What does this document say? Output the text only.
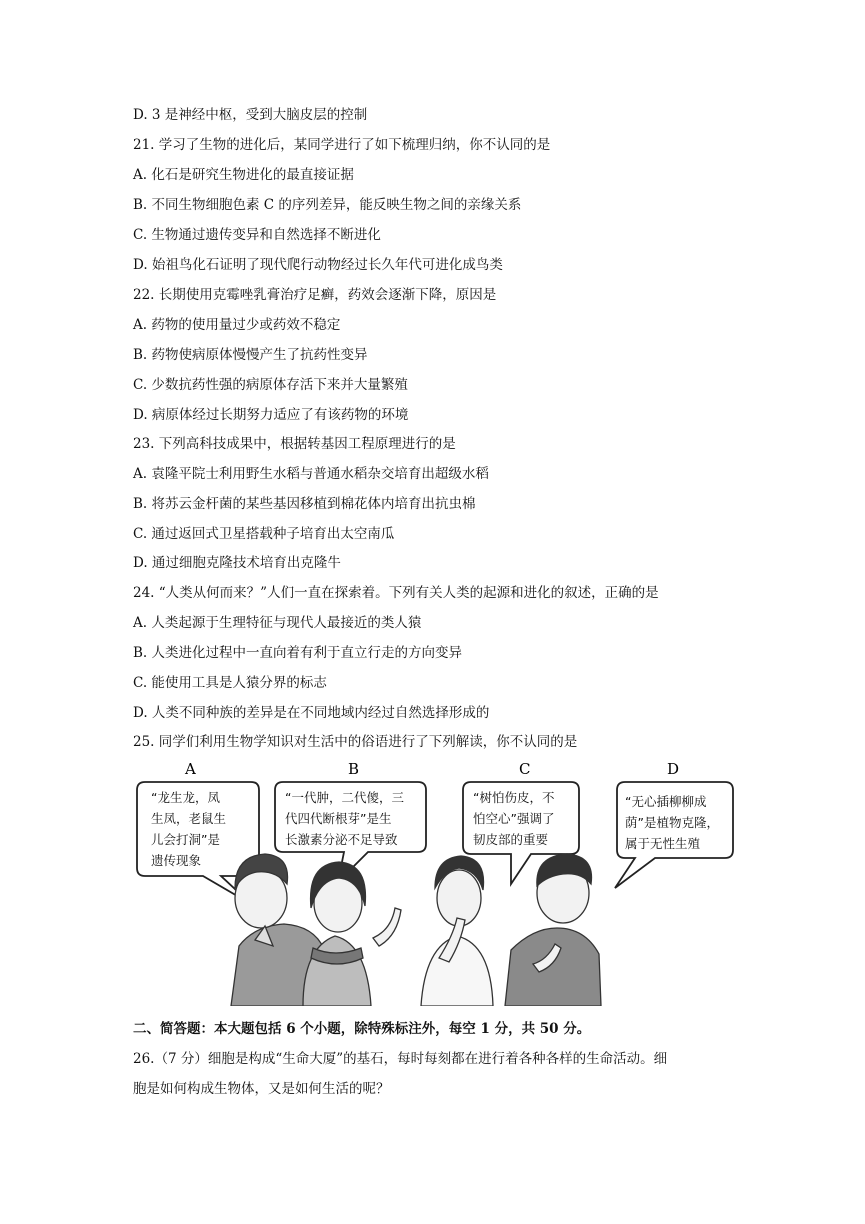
D. 3 是神经中枢，受到大脑皮层的控制
21. 学习了生物的进化后，某同学进行了如下梳理归纳，你不认同的是
A. 化石是研究生物进化的最直接证据
B. 不同生物细胞色素 C 的序列差异，能反映生物之间的亲缘关系
C. 生物通过遗传变异和自然选择不断进化
D. 始祖鸟化石证明了现代爬行动物经过长久年代可进化成鸟类
22. 长期使用克霉唑乳膏治疗足癣，药效会逐渐下降，原因是
A. 药物的使用量过少或药效不稳定
B. 药物使病原体慢慢产生了抗药性变异
C. 少数抗药性强的病原体存活下来并大量繁殖
D. 病原体经过长期努力适应了有该药物的环境
23. 下列高科技成果中，根据转基因工程原理进行的是
A. 袁隆平院士利用野生水稻与普通水稻杂交培育出超级水稻
B. 将苏云金杆菌的某些基因移植到棉花体内培育出抗虫棉
C. 通过返回式卫星搭载种子培育出太空南瓜
D. 通过细胞克隆技术培育出克隆牛
24. “人类从何而来？”人们一直在探索着。下列有关人类的起源和进化的叙述，正确的是
A. 人类起源于生理特征与现代人最接近的类人猿
B. 人类进化过程中一直向着有利于直立行走的方向变异
C. 能使用工具是人猿分界的标志
D. 人类不同种族的差异是在不同地域内经过自然选择形成的
25. 同学们利用生物学知识对生活中的俗语进行了下列解读，你不认同的是
A	B	C	D
“龙生龙，凤
生凤，老鼠生
儿会打洞”是
遗传现象
“一代肿，二代傻，三
代四代断根芽”是生
长激素分泌不足导致
“树怕伤皮，不
怕空心”强调了
韧皮部的重要
“无心插柳柳成
荫”是植物克隆，
属于无性生殖
二、简答题：本大题包括 6 个小题，除特殊标注外，每空 1 分，共 50 分。
26.（7 分）细胞是构成“生命大厦”的基石，每时每刻都在进行着各种各样的生命活动。细
胞是如何构成生物体，又是如何生活的呢？
